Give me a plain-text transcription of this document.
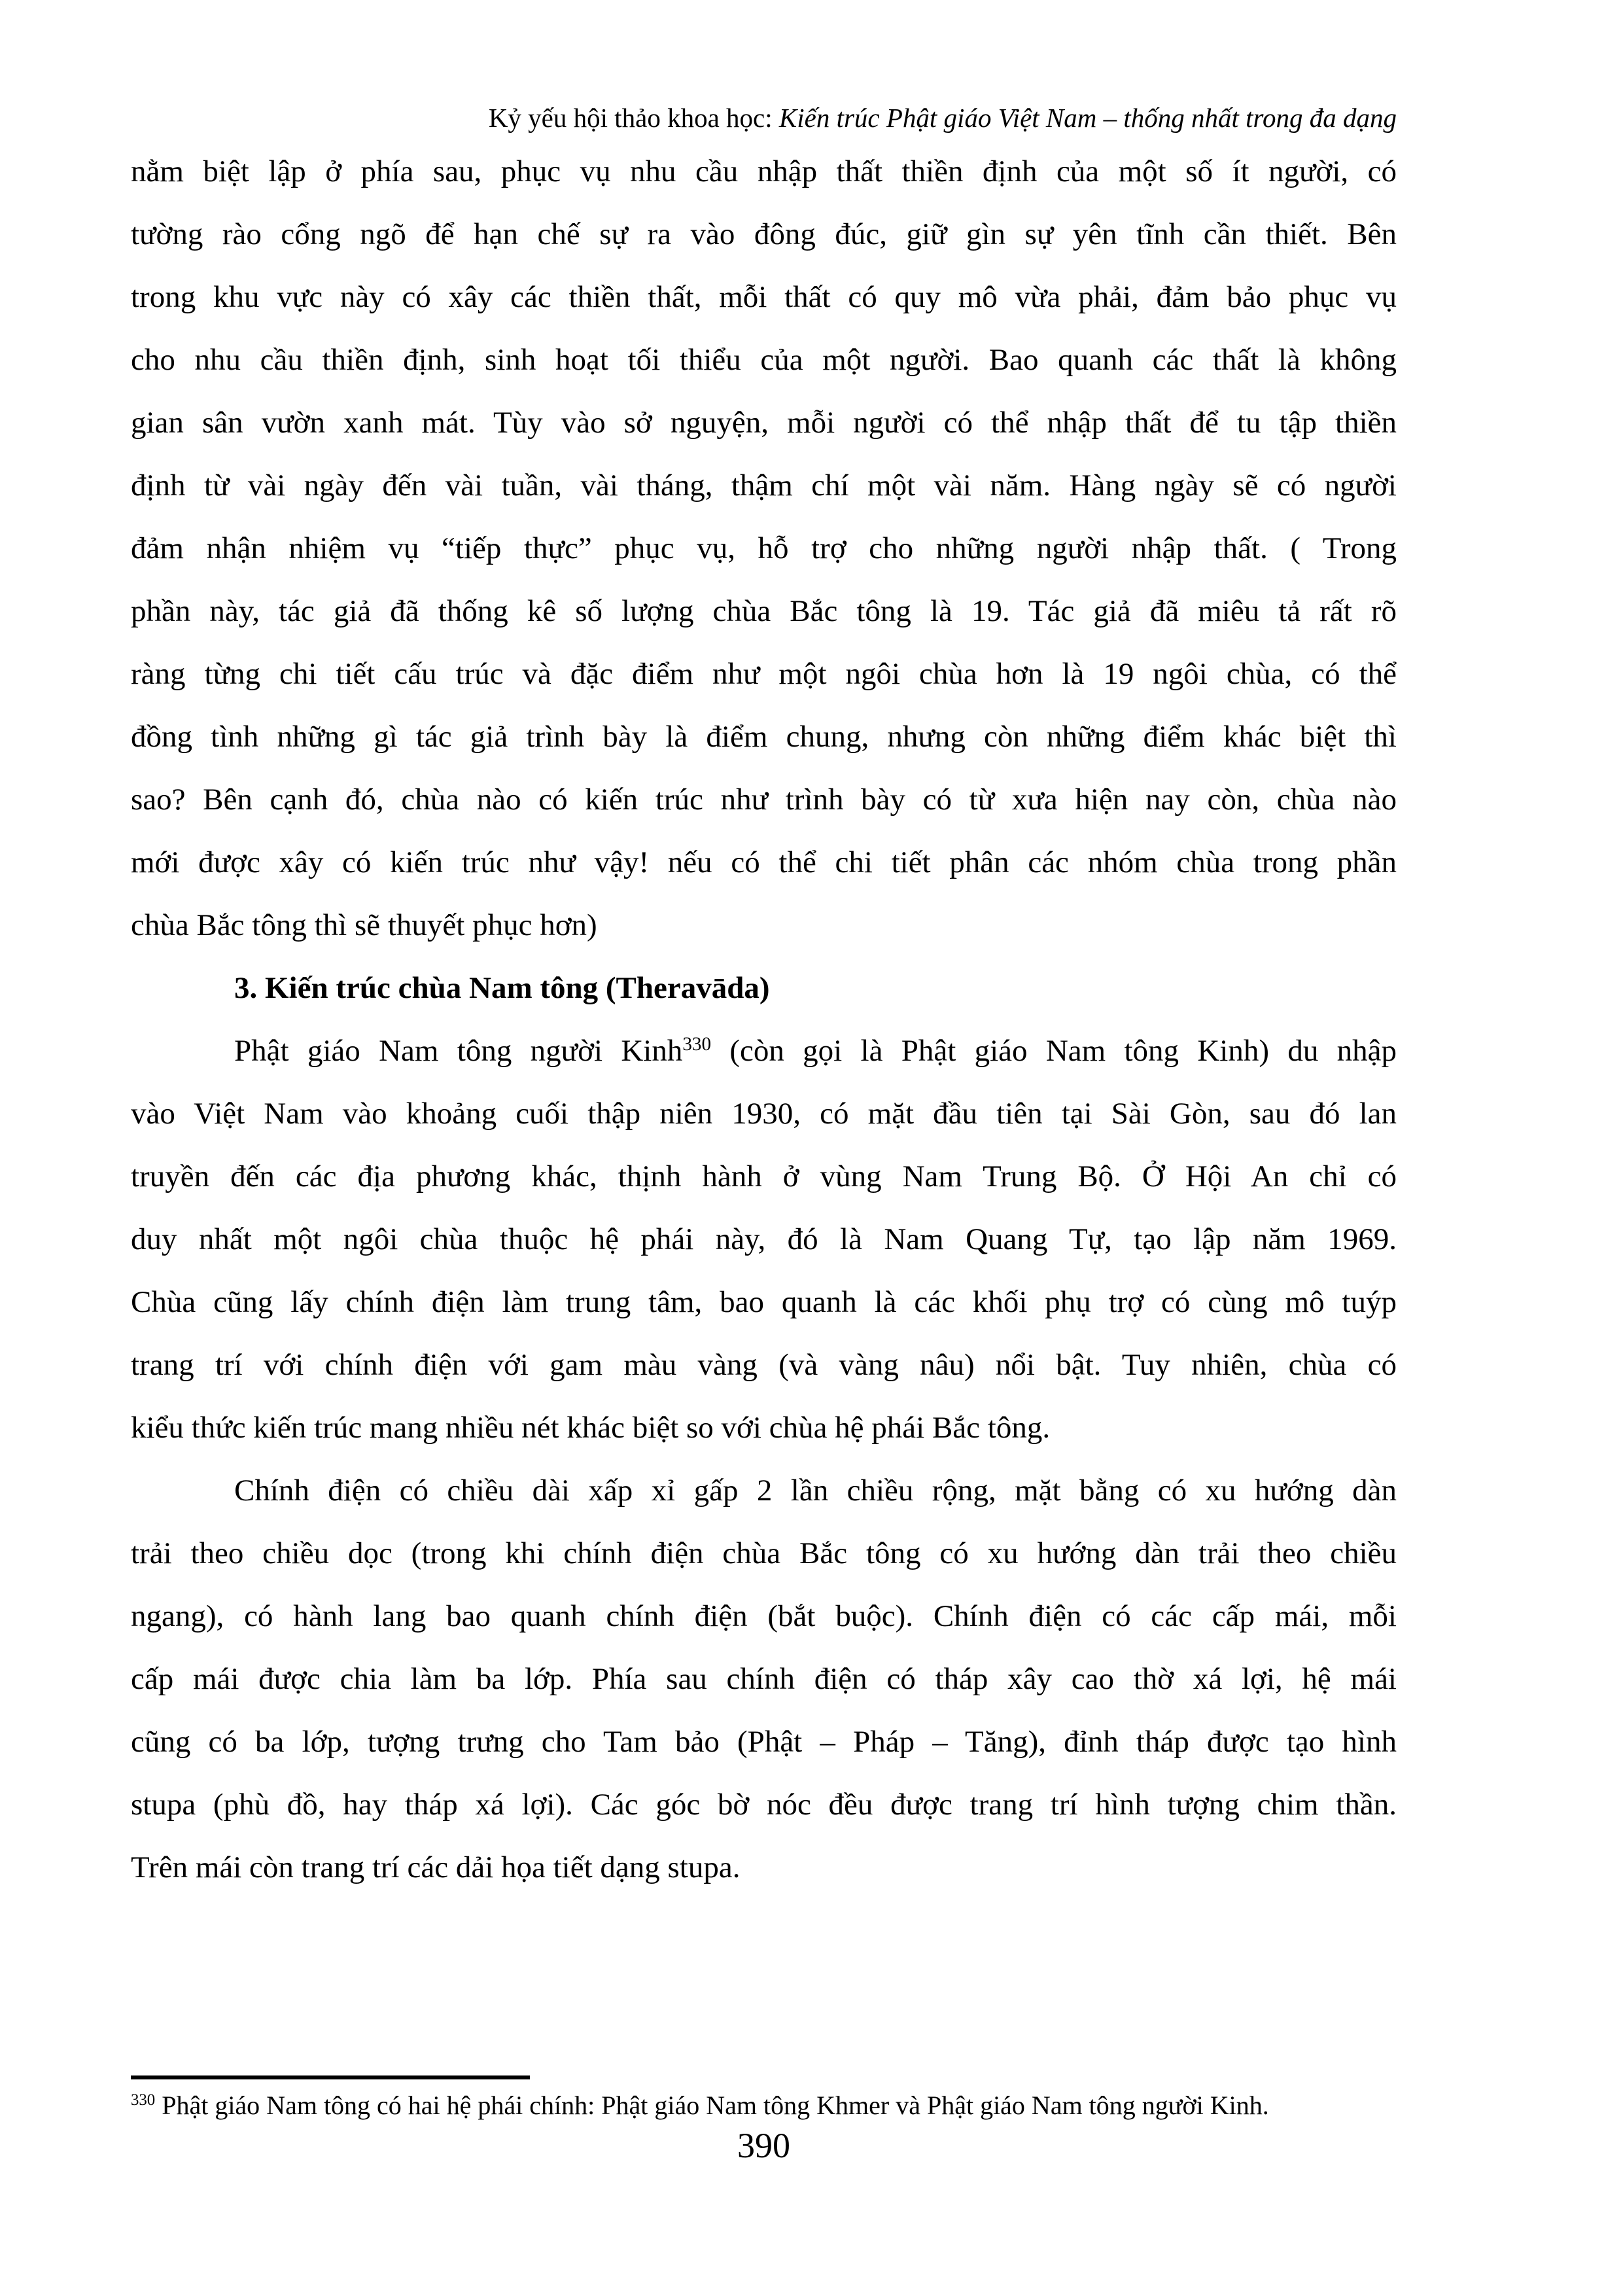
Kỷ yếu hội thảo khoa học: Kiến trúc Phật giáo Việt Nam – thống nhất trong đa dạng
nằm biệt lập ở phía sau, phục vụ nhu cầu nhập thất thiền định của một số ít người, có
tường rào cổng ngõ để hạn chế sự ra vào đông đúc, giữ gìn sự yên tĩnh cần thiết. Bên
trong khu vực này có xây các thiền thất, mỗi thất có quy mô vừa phải, đảm bảo phục vụ
cho nhu cầu thiền định, sinh hoạt tối thiểu của một người. Bao quanh các thất là không
gian sân vườn xanh mát. Tùy vào sở nguyện, mỗi người có thể nhập thất để tu tập thiền
định từ vài ngày đến vài tuần, vài tháng, thậm chí một vài năm. Hàng ngày sẽ có người
đảm nhận nhiệm vụ “tiếp thực” phục vụ, hỗ trợ cho những người nhập thất. ( Trong
phần này, tác giả đã thống kê số lượng chùa Bắc tông là 19. Tác giả đã miêu tả rất rõ
ràng từng chi tiết cấu trúc và đặc điểm như một ngôi chùa hơn là 19 ngôi chùa, có thể
đồng tình những gì tác giả trình bày là điểm chung, nhưng còn những điểm khác biệt thì
sao? Bên cạnh đó, chùa nào có kiến trúc như trình bày có từ xưa hiện nay còn, chùa nào
mới được xây có kiến trúc như vậy! nếu có thể chi tiết phân các nhóm chùa trong phần
chùa Bắc tông thì sẽ thuyết phục hơn)
3. Kiến trúc chùa Nam tông (Theravāda)
Phật giáo Nam tông người Kinh$^{330}$ (còn gọi là Phật giáo Nam tông Kinh) du nhập
vào Việt Nam vào khoảng cuối thập niên 1930, có mặt đầu tiên tại Sài Gòn, sau đó lan
truyền đến các địa phương khác, thịnh hành ở vùng Nam Trung Bộ. Ở Hội An chỉ có
duy nhất một ngôi chùa thuộc hệ phái này, đó là Nam Quang Tự, tạo lập năm 1969.
Chùa cũng lấy chính điện làm trung tâm, bao quanh là các khối phụ trợ có cùng mô tuýp
trang trí với chính điện với gam màu vàng (và vàng nâu) nổi bật. Tuy nhiên, chùa có
kiểu thức kiến trúc mang nhiều nét khác biệt so với chùa hệ phái Bắc tông.
Chính điện có chiều dài xấp xỉ gấp 2 lần chiều rộng, mặt bằng có xu hướng dàn
trải theo chiều dọc (trong khi chính điện chùa Bắc tông có xu hướng dàn trải theo chiều
ngang), có hành lang bao quanh chính điện (bắt buộc). Chính điện có các cấp mái, mỗi
cấp mái được chia làm ba lớp. Phía sau chính điện có tháp xây cao thờ xá lợi, hệ mái
cũng có ba lớp, tượng trưng cho Tam bảo (Phật – Pháp – Tăng), đỉnh tháp được tạo hình
stupa (phù đồ, hay tháp xá lợi). Các góc bờ nóc đều được trang trí hình tượng chim thần.
Trên mái còn trang trí các dải họa tiết dạng stupa.
$^{330}$ Phật giáo Nam tông có hai hệ phái chính: Phật giáo Nam tông Khmer và Phật giáo Nam tông người Kinh.
390
